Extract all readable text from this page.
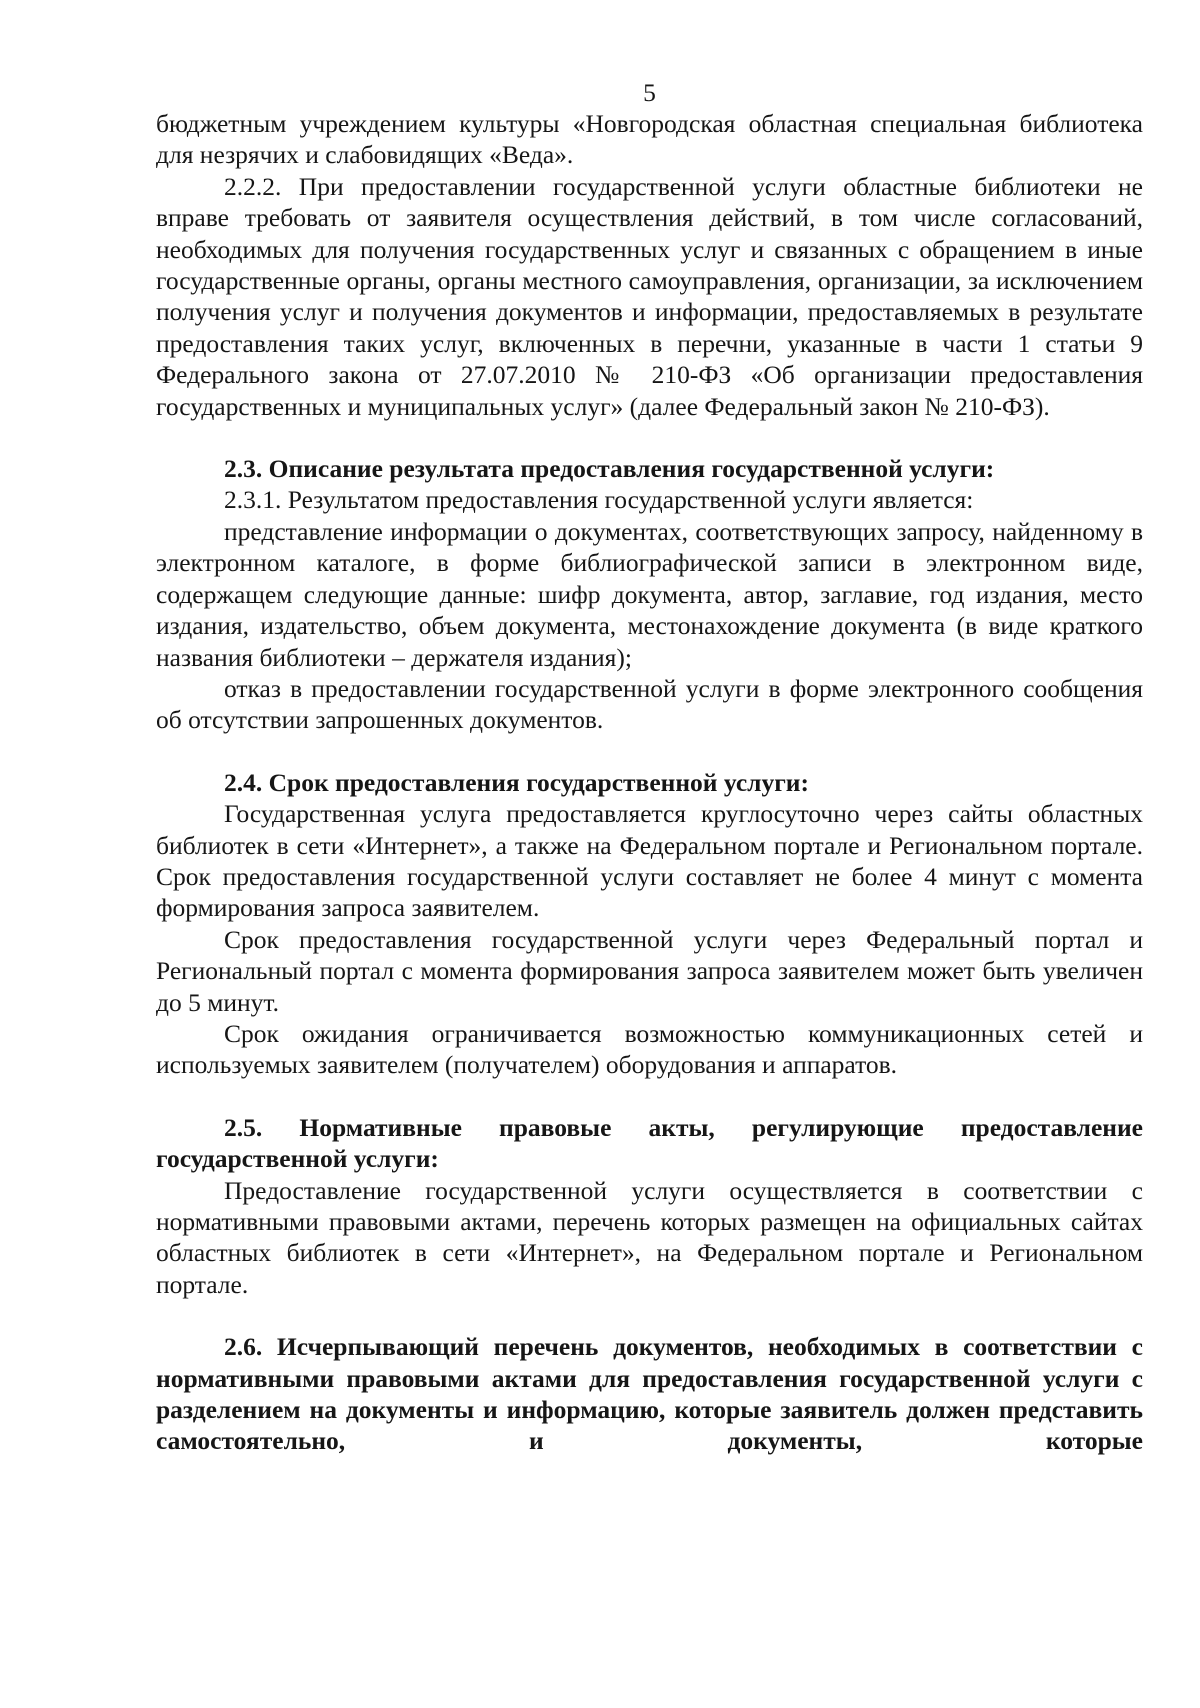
5

бюджетным учреждением культуры «Новгородская областная специальная библиотека для незрячих и слабовидящих «Веда».

2.2.2. При предоставлении государственной услуги областные библиотеки не вправе требовать от заявителя осуществления действий, в том числе согласований, необходимых для получения государственных услуг и связанных с обращением в иные государственные органы, органы местного самоуправления, организации, за исключением получения услуг и получения документов и информации, предоставляемых в результате предоставления таких услуг, включенных в перечни, указанные в части 1 статьи 9 Федерального закона от 27.07.2010 № 210-ФЗ «Об организации предоставления государственных и муниципальных услуг» (далее Федеральный закон № 210-ФЗ).

2.3. Описание результата предоставления государственной услуги:

2.3.1. Результатом предоставления государственной услуги является:

представление информации о документах, соответствующих запросу, найденному в электронном каталоге, в форме библиографической записи в электронном виде, содержащем следующие данные: шифр документа, автор, заглавие, год издания, место издания, издательство, объем документа, местонахождение документа (в виде краткого названия библиотеки – держателя издания);

отказ в предоставлении государственной услуги в форме электронного сообщения об отсутствии запрошенных документов.

2.4. Срок предоставления государственной услуги:

Государственная услуга предоставляется круглосуточно через сайты областных библиотек в сети «Интернет», а также на Федеральном портале и Региональном портале. Срок предоставления государственной услуги составляет не более 4 минут с момента формирования запроса заявителем.

Срок предоставления государственной услуги через Федеральный портал и Региональный портал с момента формирования запроса заявителем может быть увеличен до 5 минут.

Срок ожидания ограничивается возможностью коммуникационных сетей и используемых заявителем (получателем) оборудования и аппаратов.

2.5. Нормативные правовые акты, регулирующие предоставление государственной услуги:

Предоставление государственной услуги осуществляется в соответствии с нормативными правовыми актами, перечень которых размещен на официальных сайтах областных библиотек в сети «Интернет», на Федеральном портале и Региональном портале.

2.6. Исчерпывающий перечень документов, необходимых в соответствии с нормативными правовыми актами для предоставления государственной услуги с разделением на документы и информацию, которые заявитель должен представить самостоятельно, и документы, которые
